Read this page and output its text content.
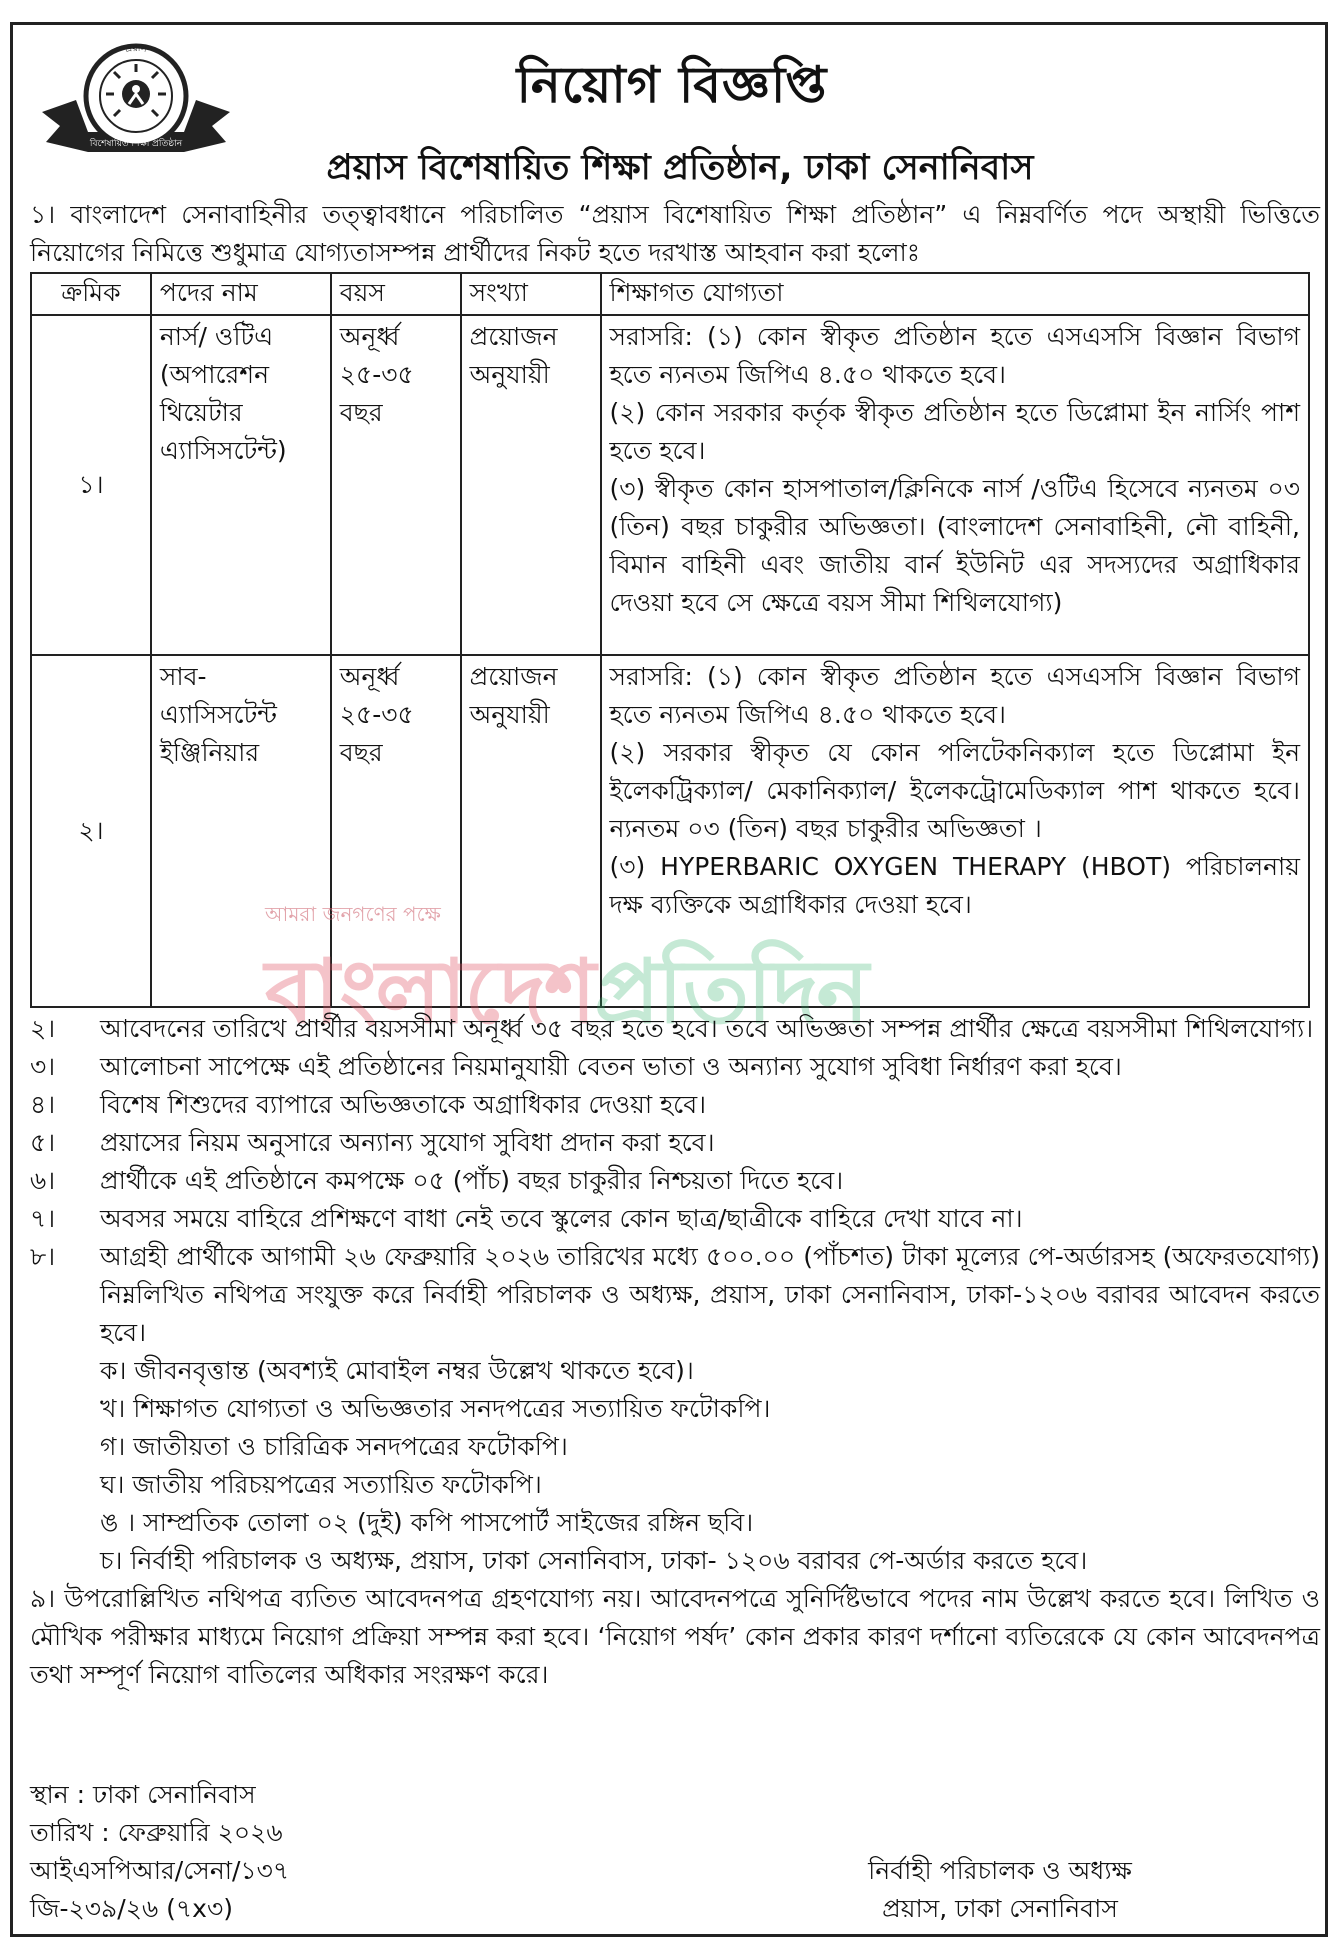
প্রয়াস
বিশেষায়িত শিক্ষা প্রতিষ্ঠান
নিয়োগ বিজ্ঞপ্তি
প্রয়াস বিশেষায়িত শিক্ষা প্রতিষ্ঠান, ঢাকা সেনানিবাস
১। বাংলাদেশ সেনাবাহিনীর তত্ত্বাবধানে পরিচালিত “প্রয়াস বিশেষায়িত শিক্ষা প্রতিষ্ঠান” এ নিম্নবর্ণিত পদে অস্থায়ী ভিত্তিতে নিয়োগের নিমিত্তে শুধুমাত্র যোগ্যতাসম্পন্ন প্রার্থীদের নিকট হতে দরখাস্ত আহবান করা হলোঃ
ক্রমিক	পদের নাম	বয়স	সংখ্যা	শিক্ষাগত যোগ্যতা
১।	নার্স/ ওটিএ (অপারেশন থিয়েটার এ্যাসিসটেন্ট)	অনূর্ধ্ব ২৫-৩৫ বছর	প্রয়োজন অনুযায়ী	সরাসরি: (১) কোন স্বীকৃত প্রতিষ্ঠান হতে এসএসসি বিজ্ঞান বিভাগ হতে ন্যনতম জিপিএ ৪.৫০ থাকতে হবে।

(২) কোন সরকার কর্তৃক স্বীকৃত প্রতিষ্ঠান হতে ডিপ্লোমা ইন নার্সিং পাশ হতে হবে।

(৩) স্বীকৃত কোন হাসপাতাল/ক্লিনিকে নার্স /ওটিএ হিসেবে ন্যনতম ০৩ (তিন) বছর চাকুরীর অভিজ্ঞতা। (বাংলাদেশ সেনাবাহিনী, নৌ বাহিনী, বিমান বাহিনী এবং জাতীয় বার্ন ইউনিট এর সদস্যদের অগ্রাধিকার দেওয়া হবে সে ক্ষেত্রে বয়স সীমা শিথিলযোগ্য)

২।	সাব-এ্যাসিসটেন্ট ইঞ্জিনিয়ার	অনূর্ধ্ব ২৫-৩৫ বছর	প্রয়োজন অনুযায়ী	সরাসরি: (১) কোন স্বীকৃত প্রতিষ্ঠান হতে এসএসসি বিজ্ঞান বিভাগ হতে ন্যনতম জিপিএ ৪.৫০ থাকতে হবে।

(২) সরকার স্বীকৃত যে কোন পলিটেকনিক্যাল হতে ডিপ্লোমা ইন ইলেকট্রিক্যাল/ মেকানিক্যাল/ ইলেকট্রোমেডিক্যাল পাশ থাকতে হবে। ন্যনতম ০৩ (তিন) বছর চাকুরীর অভিজ্ঞতা ।

(৩) HYPERBARIC OXYGEN THERAPY (HBOT) পরিচালনায় দক্ষ ব্যক্তিকে অগ্রাধিকার দেওয়া হবে।

আমরা জনগণের পক্ষে
বাংলাদেশপ্রতিদিন
২।	আবেদনের তারিখে প্রার্থীর বয়সসীমা অনূর্ধ্ব ৩৫ বছর হতে হবে। তবে অভিজ্ঞতা সম্পন্ন প্রার্থীর ক্ষেত্রে বয়সসীমা শিথিলযোগ্য।
৩।	আলোচনা সাপেক্ষে এই প্রতিষ্ঠানের নিয়মানুযায়ী বেতন ভাতা ও অন্যান্য সুযোগ সুবিধা নির্ধারণ করা হবে।
৪।	বিশেষ শিশুদের ব্যাপারে অভিজ্ঞতাকে অগ্রাধিকার দেওয়া হবে।
৫।	প্রয়াসের নিয়ম অনুসারে অন্যান্য সুযোগ সুবিধা প্রদান করা হবে।
৬।	প্রার্থীকে এই প্রতিষ্ঠানে কমপক্ষে ০৫ (পাঁচ) বছর চাকুরীর নিশ্চয়তা দিতে হবে।
৭।	অবসর সময়ে বাহিরে প্রশিক্ষণে বাধা নেই তবে স্কুলের কোন ছাত্র/ছাত্রীকে বাহিরে দেখা যাবে না।
৮।	আগ্রহী প্রার্থীকে আগামী ২৬ ফেব্রুয়ারি ২০২৬ তারিখের মধ্যে ৫০০.০০ (পাঁচশত) টাকা মূল্যের পে-অর্ডারসহ (অফেরতযোগ্য) নিম্নলিখিত নথিপত্র সংযুক্ত করে নির্বাহী পরিচালক ও অধ্যক্ষ, প্রয়াস, ঢাকা সেনানিবাস, ঢাকা-১২০৬ বরাবর আবেদন করতে হবে।
ক। জীবনবৃত্তান্ত (অবশ্যই মোবাইল নম্বর উল্লেখ থাকতে হবে)।
খ। শিক্ষাগত যোগ্যতা ও অভিজ্ঞতার সনদপত্রের সত্যায়িত ফটোকপি।
গ। জাতীয়তা ও চারিত্রিক সনদপত্রের ফটোকপি।
ঘ। জাতীয় পরিচয়পত্রের সত্যায়িত ফটোকপি।
ঙ । সাম্প্রতিক তোলা ০২ (দুই) কপি পাসপোর্ট সাইজের রঙ্গিন ছবি।
চ। নির্বাহী পরিচালক ও অধ্যক্ষ, প্রয়াস, ঢাকা সেনানিবাস, ঢাকা- ১২০৬ বরাবর পে-অর্ডার করতে হবে।
৯। উপরোল্লিখিত নথিপত্র ব্যতিত আবেদনপত্র গ্রহণযোগ্য নয়। আবেদনপত্রে সুনির্দিষ্টভাবে পদের নাম উল্লেখ করতে হবে। লিখিত ও মৌখিক পরীক্ষার মাধ্যমে নিয়োগ প্রক্রিয়া সম্পন্ন করা হবে। ‘নিয়োগ পর্ষদ’ কোন প্রকার কারণ দর্শানো ব্যতিরেকে যে কোন আবেদনপত্র তথা সম্পূর্ণ নিয়োগ বাতিলের অধিকার সংরক্ষণ করে।
স্থান : ঢাকা সেনানিবাস
তারিখ : ফেব্রুয়ারি ২০২৬
আইএসপিআর/সেনা/১৩৭
জি-২৩৯/২৬ (৭x৩)
নির্বাহী পরিচালক ও অধ্যক্ষ
প্রয়াস, ঢাকা সেনানিবাস
